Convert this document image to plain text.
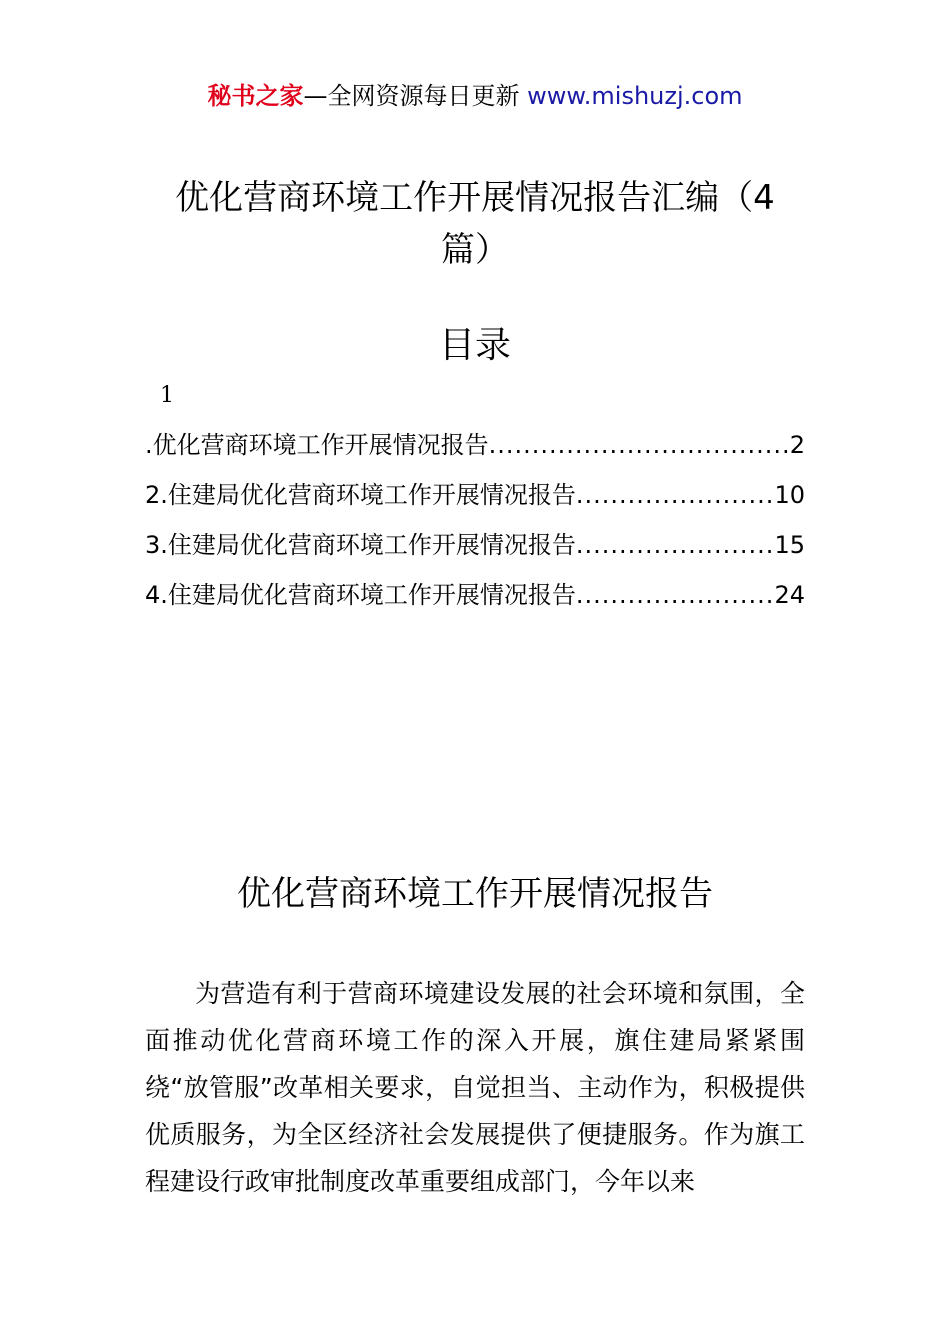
秘书之家—全网资源每日更新 www.mishuzj.com
优化营商环境工作开展情况报告汇编（4篇）
目录
1
.优化营商环境工作开展情况报告 .....	2
2.住建局优化营商环境工作开展情况报告 .....	10
3.住建局优化营商环境工作开展情况报告 .....	15
4.住建局优化营商环境工作开展情况报告 .....	24
优化营商环境工作开展情况报告

为营造有利于营商环境建设发展的社会环境和氛围，全面推动优化营商环境工作的深入开展，旗住建局紧紧围绕“放管服”改革相关要求，自觉担当、主动作为，积极提供优质服务，为全区经济社会发展提供了便捷服务。作为旗工程建设行政审批制度改革重要组成部门，今年以来
